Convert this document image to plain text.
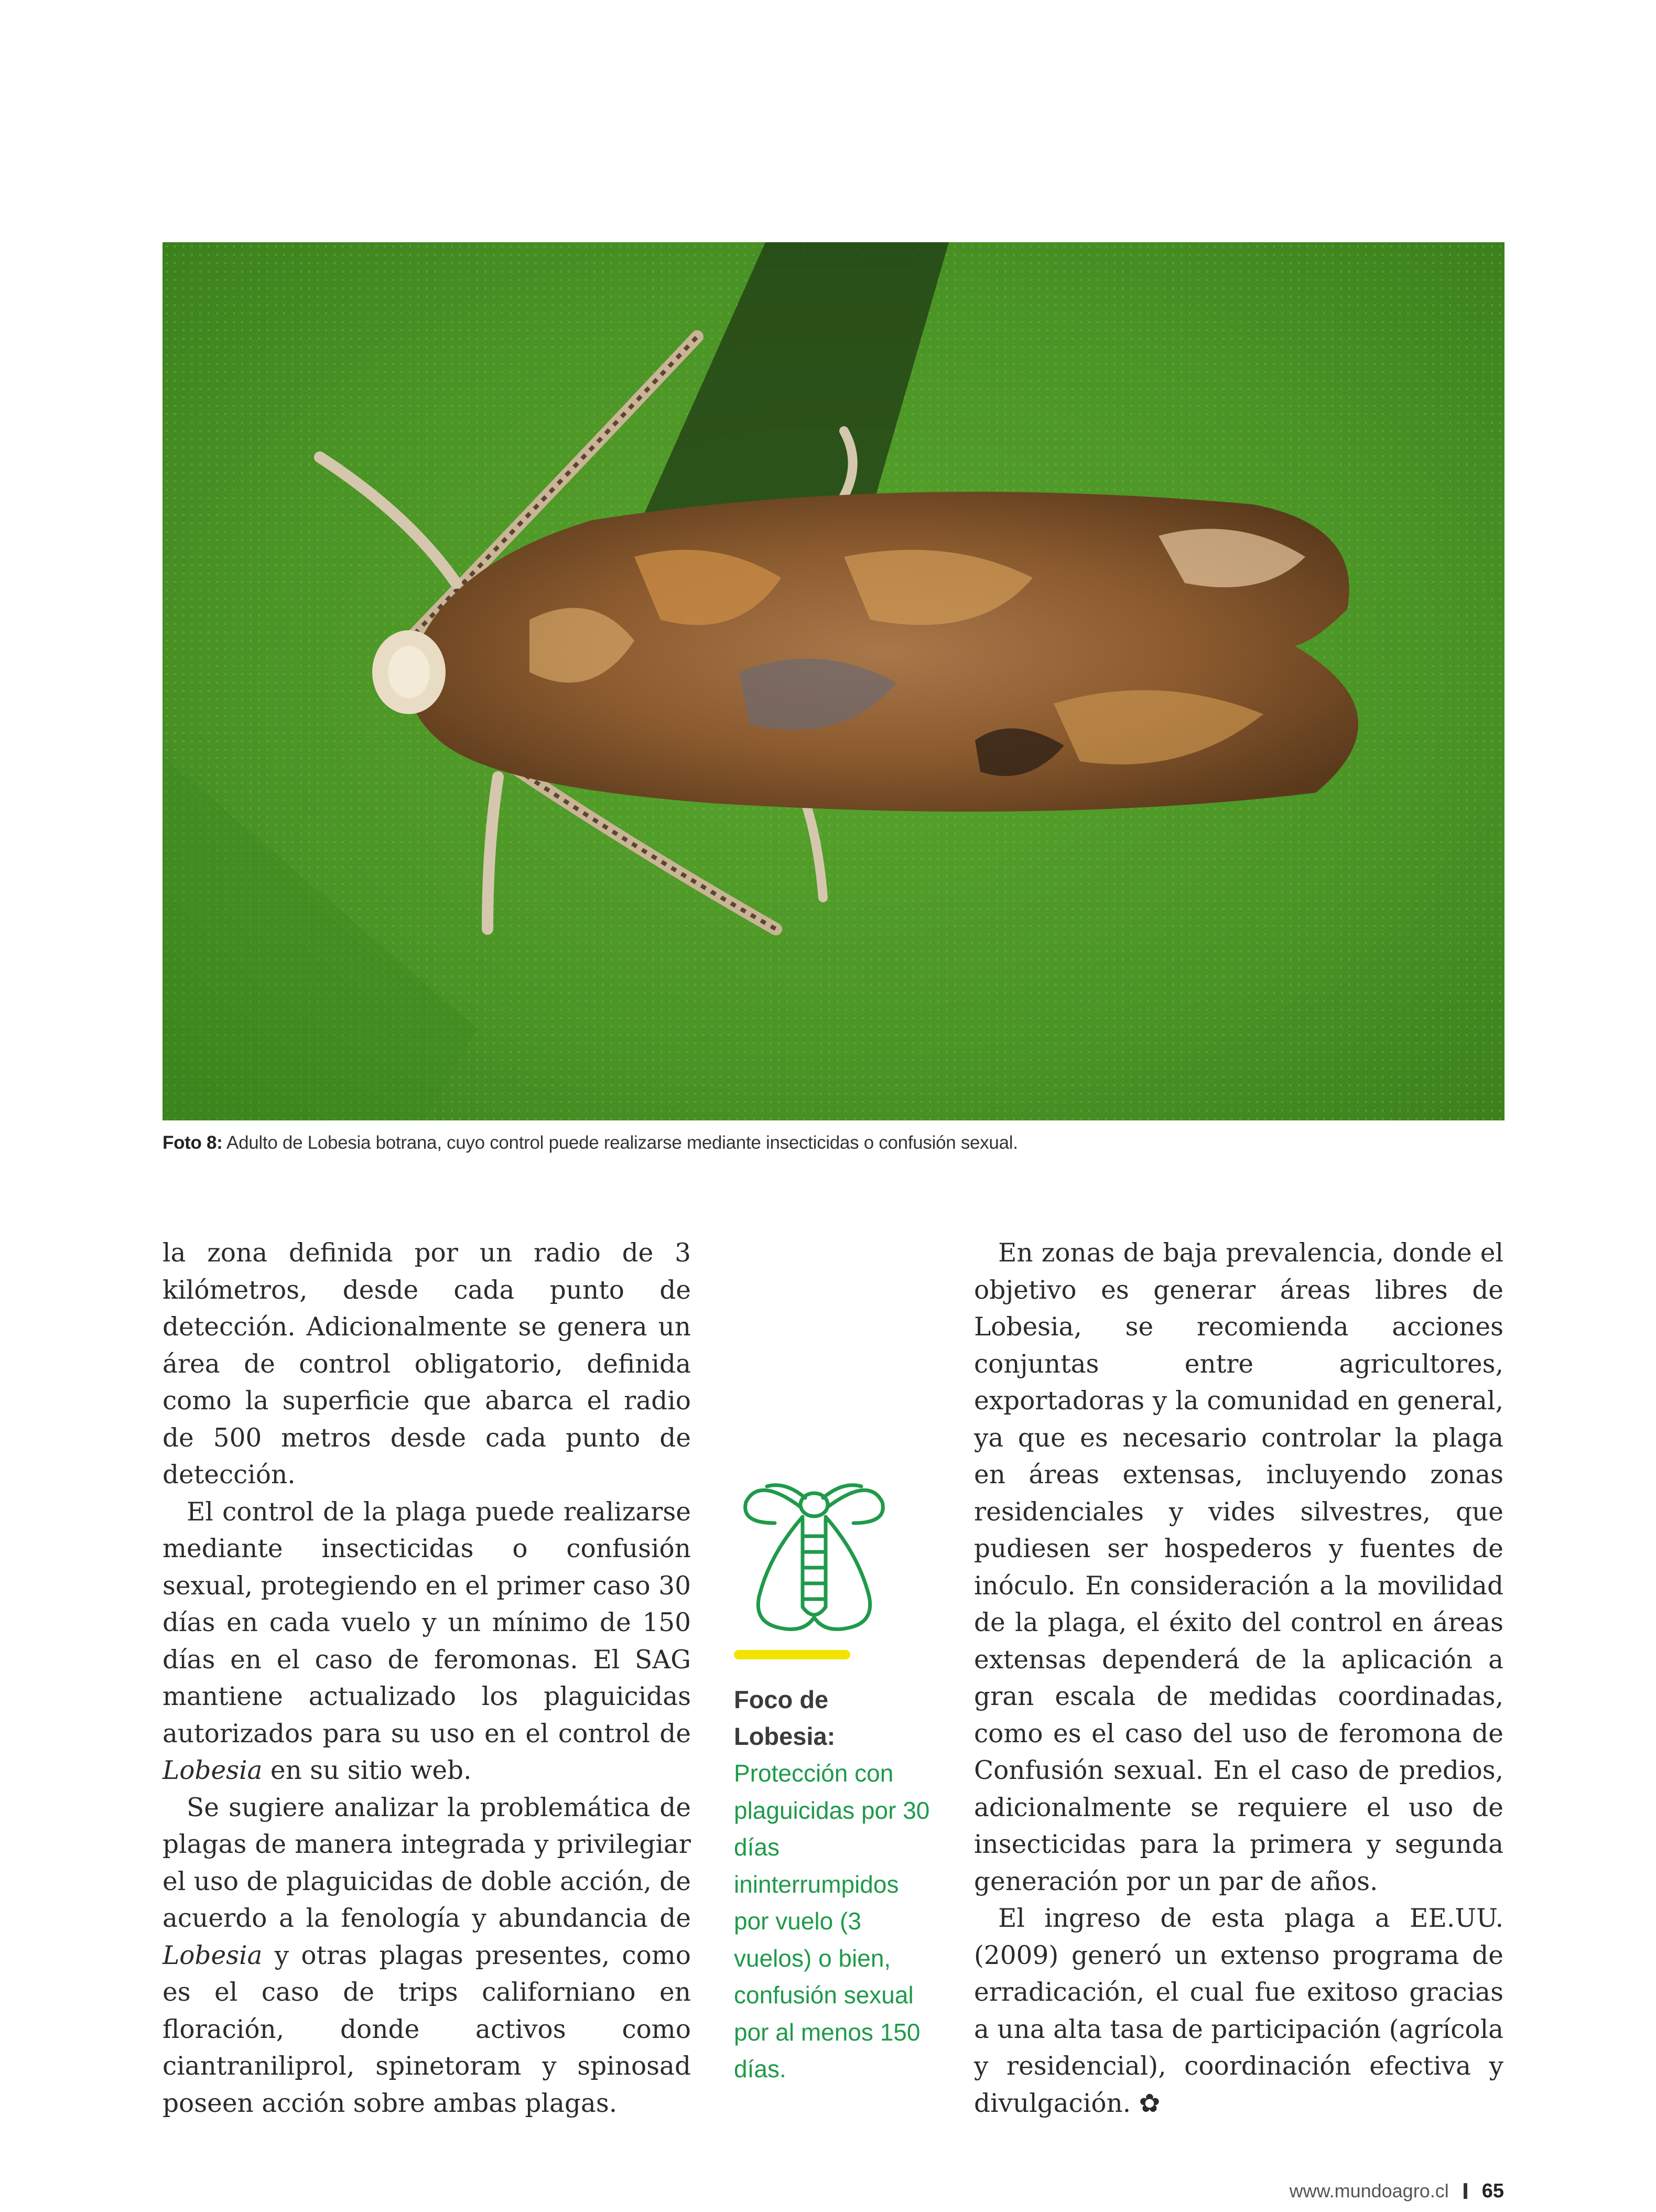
Foto 8: Adulto de Lobesia botrana, cuyo control puede realizarse mediante insecticidas o confusión sexual.

la zona definida por un radio de 3 kilómetros, desde cada punto de detección. Adicionalmente se genera un área de control obligatorio, definida como la superficie que abarca el radio de 500 metros desde cada punto de detección.

El control de la plaga puede realizarse mediante insecticidas o confusión sexual, protegiendo en el primer caso 30 días en cada vuelo y un mínimo de 150 días en el caso de feromonas. El SAG mantiene actualizado los plaguicidas autorizados para su uso en el control de Lobesia en su sitio web.

Se sugiere analizar la problemática de plagas de manera integrada y privilegiar el uso de plaguicidas de doble acción, de acuerdo a la fenología y abundancia de Lobesia y otras plagas presentes, como es el caso de trips californiano en floración, donde activos como ciantraniliprol, spinetoram y spinosad poseen acción sobre ambas plagas.

Foco de Lobesia:
Protección con plaguicidas por 30 días ininterrumpidos por vuelo (3 vuelos) o bien, confusión sexual por al menos 150 días.

En zonas de baja prevalencia, donde el objetivo es generar áreas libres de Lobesia, se recomienda acciones conjuntas entre agricultores, exportadoras y la comunidad en general, ya que es necesario controlar la plaga en áreas extensas, incluyendo zonas residenciales y vides silvestres, que pudiesen ser hospederos y fuentes de inóculo. En consideración a la movilidad de la plaga, el éxito del control en áreas extensas dependerá de la aplicación a gran escala de medidas coordinadas, como es el caso del uso de feromona de Confusión sexual. En el caso de predios, adicionalmente se requiere el uso de insecticidas para la primera y segunda generación por un par de años.

El ingreso de esta plaga a EE.UU. (2009) generó un extenso programa de erradicación, el cual fue exitoso gracias a una alta tasa de participación (agrícola y residencial), coordinación efectiva y divulgación. ✿

www.mundoagro.cl 65
